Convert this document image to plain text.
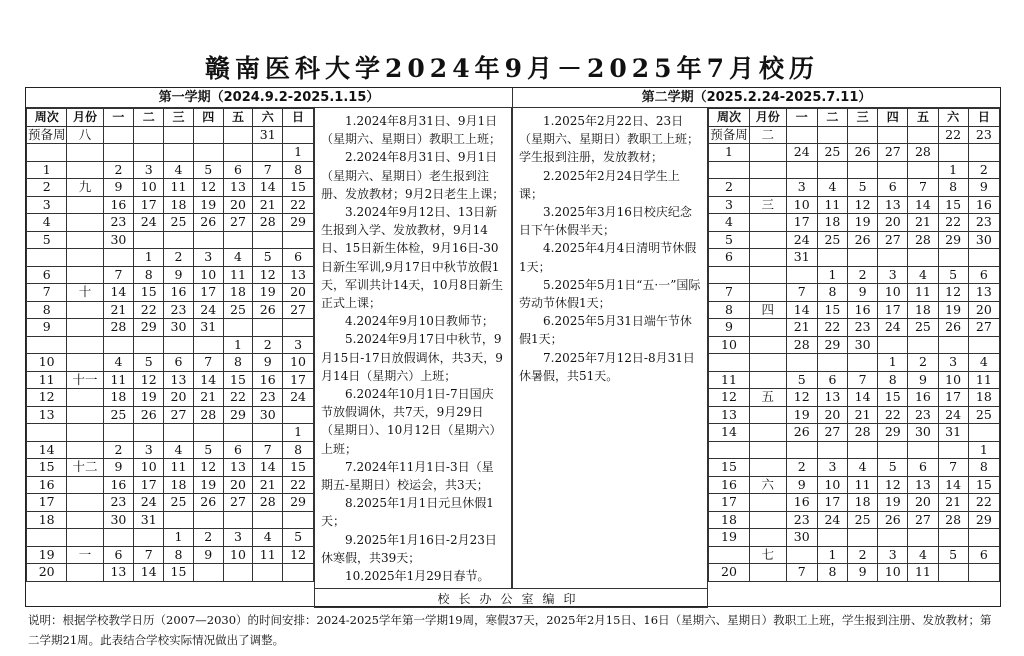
赣南医科大学2024年9月－2025年7月校历
第一学期（2024.9.2-2025.1.15）	第二学期（2025.2.24-2025.7.11）
周次	月份	一	二	三	四	五	六	日
预备周	八						31	
								1
1		2	3	4	5	6	7	8
2	九	9	10	11	12	13	14	15
3		16	17	18	19	20	21	22
4		23	24	25	26	27	28	29
5		30						
			1	2	3	4	5	6
6		7	8	9	10	11	12	13
7	十	14	15	16	17	18	19	20
8		21	22	23	24	25	26	27
9		28	29	30	31			
						1	2	3
10		4	5	6	7	8	9	10
11	十一	11	12	13	14	15	16	17
12		18	19	20	21	22	23	24
13		25	26	27	28	29	30	
								1
14		2	3	4	5	6	7	8
15	十二	9	10	11	12	13	14	15
16		16	17	18	19	20	21	22
17		23	24	25	26	27	28	29
18		30	31					
				1	2	3	4	5
19	一	6	7	8	9	10	11	12
20		13	14	15				

1.2024年8月31日、9月1日（星期六、星期日）教职工上班；

2.2024年8月31日、9月1日（星期六、星期日）老生报到注册、发放教材；9月2日老生上课；

3.2024年9月12日、13日新生报到入学、发放教材，9月14日、15日新生体检，9月16日-30日新生军训,9月17日中秋节放假1天，军训共计14天，10月8日新生正式上课；

4.2024年9月10日教师节；

5.2024年9月17日中秋节，9月15日-17日放假调休，共3天，9月14日（星期六）上班；

6.2024年10月1日-7日国庆节放假调休，共7天，9月29日（星期日）、10月12日（星期六）上班；

7.2024年11月1日-3日（星期五-星期日）校运会，共3天；

8.2025年1月1日元旦休假1天；

9.2025年1月16日-2月23日休寒假，共39天；

10.2025年1月29日春节。

1.2025年2月22日、23日（星期六、星期日）教职工上班；学生报到注册，发放教材；

2.2025年2月24日学生上课；

3.2025年3月16日校庆纪念日下午休假半天；

4.2025年4月4日清明节休假1天；

5.2025年5月1日“五·一”国际劳动节休假1天；

6.2025年5月31日端午节休假1天；

7.2025年7月12日-8月31日休暑假，共51天。

周次	月份	一	二	三	四	五	六	日
预备周	二						22	23
1		24	25	26	27	28		
							1	2
2		3	4	5	6	7	8	9
3	三	10	11	12	13	14	15	16
4		17	18	19	20	21	22	23
5		24	25	26	27	28	29	30
6		31						
			1	2	3	4	5	6
7		7	8	9	10	11	12	13
8	四	14	15	16	17	18	19	20
9		21	22	23	24	25	26	27
10		28	29	30				
					1	2	3	4
11		5	6	7	8	9	10	11
12	五	12	13	14	15	16	17	18
13		19	20	21	22	23	24	25
14		26	27	28	29	30	31	
								1
15		2	3	4	5	6	7	8
16	六	9	10	11	12	13	14	15
17		16	17	18	19	20	21	22
18		23	24	25	26	27	28	29
19		30						
	七		1	2	3	4	5	6
20		7	8	9	10	11		
校长办公室编印
说明：根据学校教学日历（2007—2030）的时间安排：2024-2025学年第一学期19周，寒假37天，2025年2月15日、16日（星期六、星期日）教职工上班，学生报到注册、发放教材；第二学期21周。此表结合学校实际情况做出了调整。
